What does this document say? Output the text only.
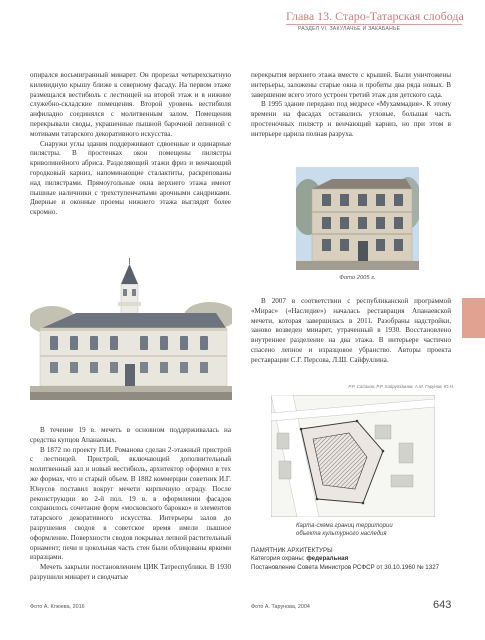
Глава 13. Старо-Татарская слобода
РАЗДЕЛ VI. ЗАКУЛАЧЬЕ И ЗАКАБАНЬЕ
опиралcя восьмигранный минарет. Он прорезал четырехскатную килевидную крышу ближе к северному фасаду. На первом этаже размещался вестибюль с лестницей на второй этаж и в нижние служебно-складские помещения. Второй уровень вестибюля анфиладно соединялся с молитвенным залом. Помещения перекрывали своды, украшенные пышной барочной лепниной с мотивами татарского декоративного искусства.
Снаружи углы здания поддерживают сдвоенные и одинарные пилястры. В простенках окон помещены пилястры криволинейного абриса. Разделяющий этажи фриз и венчающий городковый карниз, напоминающие сталактиты, раскреповаиы над пилястрами. Прямоугольные окна верхнего этажа имеют пышные наличники с трехступенчатыми арочными сандриками. Дверные и оконные проемы нижнего этажа выглядят более скромно.
В течение 19 в. мечеть в основном поддерживалась на средства купцов Апанаевых.
В 1872 по проекту П.И. Романова сделан 2-этажный пристрой с лестницей. Пристрой, включающий дополнительный молитвенный зал и новый вестибюль, архитектор оформил в тех же формах, что и старый объем. В 1882 коммерции советник И.Г. Юнусов поставил вокруг мечети кирпичную ограду. После реконструкции во 2-й пол. 19 в. в оформлении фасадов сохранилось сочетание форм «московского барокко» и элементов татарского декоративного искусства. Интерьеры залов до разрушения сводов в советское время имели пышное оформление. Поверхности сводов покрывал лепной растительный орнамент; печи и цокольная часть стен были облицованы яркими изразцами.
Мечеть закрыли постановлением ЦИК Татреспублики. В 1930 разрушили минарет и сводчатые
перекрытия верхнего этажа вместе с крышей. Были уничтожены интерьеры, заложены старые окна и пробиты два ряда новых. В завершение всего этого устроен третий этаж для детского сада.
В 1995 здание передано под медресе «Мухаммадия». К этому времени на фасадах оставались угловые, большая часть простеночных пилястр и венчающий карниз, но при этом в интерьере царила полная разруха.
Фото 2005 г.
В 2007 в соответствии с республиканской программой «Мирас» («Наследие») началась реставрация Апанаевской мечети, которая завершилась в 2011. Разобраны надстройки, заново возведен минарет, утраченный в 1930. Восстановлено внутреннее разделение на два этажа. В интерьере частично спасено лепное и изразцовое убранство. Авторы проекта реставрации С.Г. Персова, Л.Ш. Сайфуллина.
Р.Р. Салахов, Р.Р. Хайрутдинов, А.М. Гарунов, Ю.Н.
Карта-схема границ территории
объекта культурного наследия
ПАМЯТНИК АРХИТЕКТУРЫ
Категория охраны: федеральная
Постановление Совета Министров РСФСР от 30.10.1960 № 1327
Фото А. Клюева, 2016	Фото А. Тарунова, 2004	643
